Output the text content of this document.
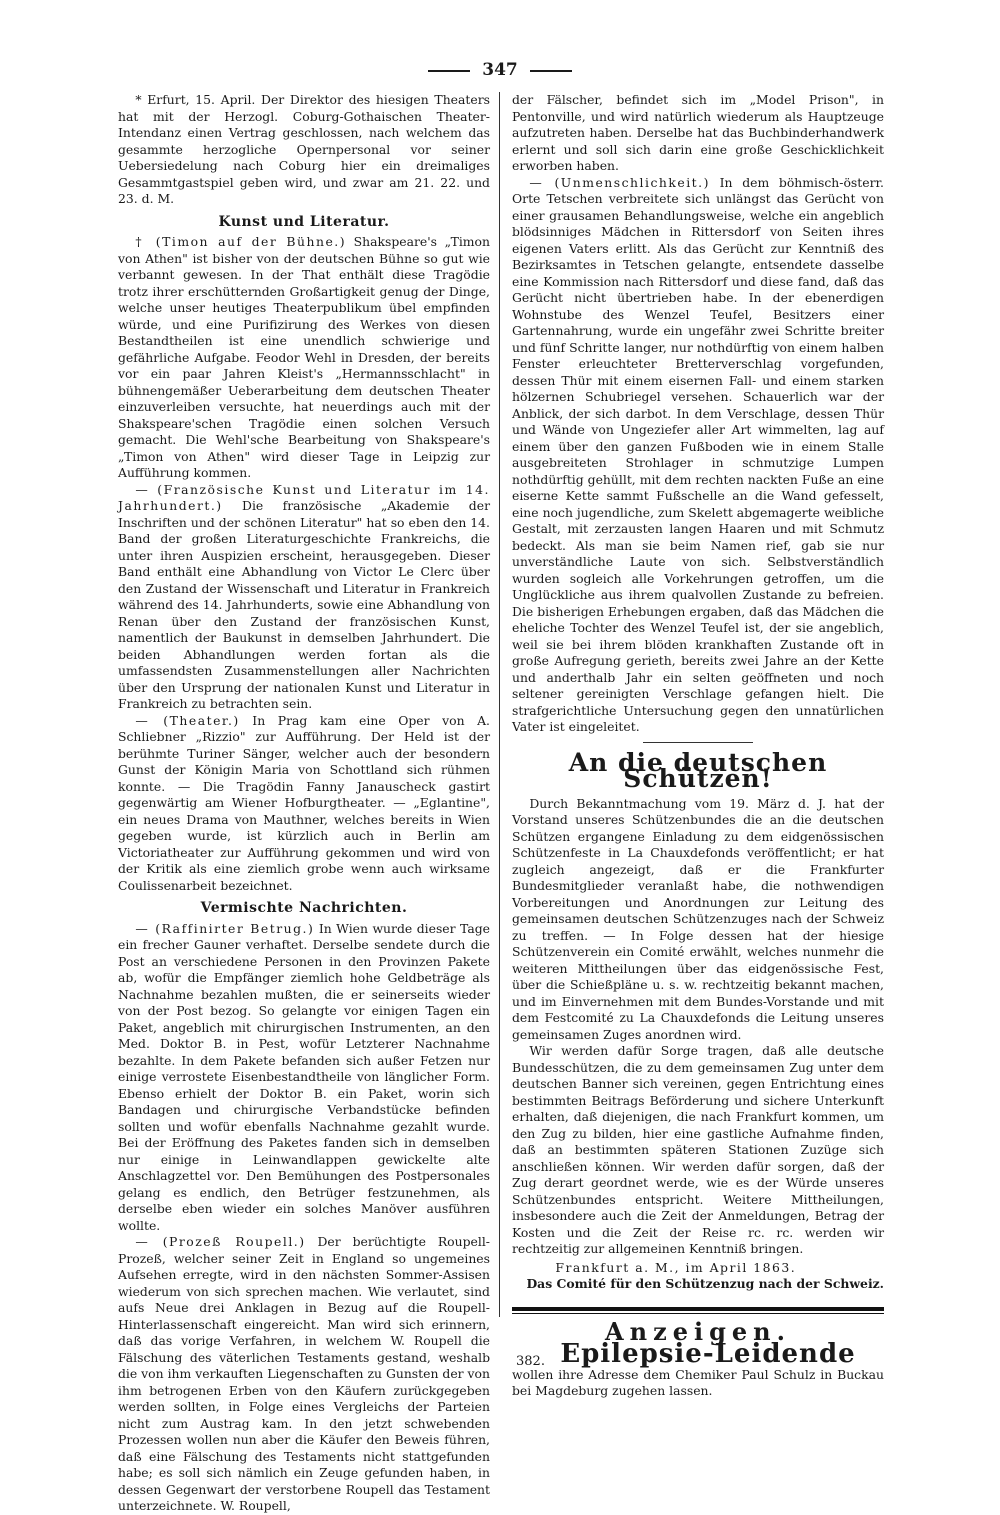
347

* Erfurt, 15. April. Der Direktor des hiesigen Theaters hat mit der Herzogl. Coburg-Gothaischen Theater-Intendanz einen Vertrag geschlossen, nach welchem das gesammte herzogliche Opernpersonal vor seiner Uebersiedelung nach Coburg hier ein dreimaliges Gesammtgastspiel geben wird, und zwar am 21. 22. und 23. d. M.

Kunst und Literatur.

† (Timon auf der Bühne.) Shakspeare's „Timon von Athen" ist bisher von der deutschen Bühne so gut wie verbannt gewesen. In der That enthält diese Tragödie trotz ihrer erschütternden Großartigkeit genug der Dinge, welche unser heutiges Theaterpublikum übel empfinden würde, und eine Purifizirung des Werkes von diesen Bestandtheilen ist eine unendlich schwierige und gefährliche Aufgabe. Feodor Wehl in Dresden, der bereits vor ein paar Jahren Kleist's „Hermannsschlacht" in bühnengemäßer Ueberarbeitung dem deutschen Theater einzuverleiben versuchte, hat neuerdings auch mit der Shakspeare'schen Tragödie einen solchen Versuch gemacht. Die Wehl'sche Bearbeitung von Shakspeare's „Timon von Athen" wird dieser Tage in Leipzig zur Aufführung kommen.

— (Französische Kunst und Literatur im 14. Jahrhundert.) Die französische „Akademie der Inschriften und der schönen Literatur" hat so eben den 14. Band der großen Literaturgeschichte Frankreichs, die unter ihren Auspizien erscheint, herausgegeben. Dieser Band enthält eine Abhandlung von Victor Le Clerc über den Zustand der Wissenschaft und Literatur in Frankreich während des 14. Jahrhunderts, sowie eine Abhandlung von Renan über den Zustand der französischen Kunst, namentlich der Baukunst in demselben Jahrhundert. Die beiden Abhandlungen werden fortan als die umfassendsten Zusammenstellungen aller Nachrichten über den Ursprung der nationalen Kunst und Literatur in Frankreich zu betrachten sein.

— (Theater.) In Prag kam eine Oper von A. Schliebner „Rizzio" zur Aufführung. Der Held ist der berühmte Turiner Sänger, welcher auch der besondern Gunst der Königin Maria von Schottland sich rühmen konnte. — Die Tragödin Fanny Janauscheck gastirt gegenwärtig am Wiener Hofburgtheater. — „Eglantine", ein neues Drama von Mauthner, welches bereits in Wien gegeben wurde, ist kürzlich auch in Berlin am Victoriatheater zur Aufführung gekommen und wird von der Kritik als eine ziemlich grobe wenn auch wirksame Coulissenarbeit bezeichnet.

Vermischte Nachrichten.

— (Raffinirter Betrug.) In Wien wurde dieser Tage ein frecher Gauner verhaftet. Derselbe sendete durch die Post an verschiedene Personen in den Provinzen Pakete ab, wofür die Empfänger ziemlich hohe Geldbeträge als Nachnahme bezahlen mußten, die er seinerseits wieder von der Post bezog. So gelangte vor einigen Tagen ein Paket, angeblich mit chirurgischen Instrumenten, an den Med. Doktor B. in Pest, wofür Letzterer Nachnahme bezahlte. In dem Pakete befanden sich außer Fetzen nur einige verrostete Eisenbestandtheile von länglicher Form. Ebenso erhielt der Doktor B. ein Paket, worin sich Bandagen und chirurgische Verbandstücke befinden sollten und wofür ebenfalls Nachnahme gezahlt wurde. Bei der Eröffnung des Paketes fanden sich in demselben nur einige in Leinwandlappen gewickelte alte Anschlagzettel vor. Den Bemühungen des Postpersonales gelang es endlich, den Betrüger festzunehmen, als derselbe eben wieder ein solches Manöver ausführen wollte.

— (Prozeß Roupell.) Der berüchtigte Roupell-Prozeß, welcher seiner Zeit in England so ungemeines Aufsehen erregte, wird in den nächsten Sommer-Assisen wiederum von sich sprechen machen. Wie verlautet, sind aufs Neue drei Anklagen in Bezug auf die Roupell-Hinterlassenschaft eingereicht. Man wird sich erinnern, daß das vorige Verfahren, in welchem W. Roupell die Fälschung des väterlichen Testaments gestand, weshalb die von ihm verkauften Liegenschaften zu Gunsten der von ihm betrogenen Erben von den Käufern zurückgegeben werden sollten, in Folge eines Vergleichs der Parteien nicht zum Austrag kam. In den jetzt schwebenden Prozessen wollen nun aber die Käufer den Beweis führen, daß eine Fälschung des Testaments nicht stattgefunden habe; es soll sich nämlich ein Zeuge gefunden haben, in dessen Gegenwart der verstorbene Roupell das Testament unterzeichnete. W. Roupell,

der Fälscher, befindet sich im „Model Prison", in Pentonville, und wird natürlich wiederum als Hauptzeuge aufzutreten haben. Derselbe hat das Buchbinderhandwerk erlernt und soll sich darin eine große Geschicklichkeit erworben haben.

— (Unmenschlichkeit.) In dem böhmisch-österr. Orte Tetschen verbreitete sich unlängst das Gerücht von einer grausamen Behandlungsweise, welche ein angeblich blödsinniges Mädchen in Rittersdorf von Seiten ihres eigenen Vaters erlitt. Als das Gerücht zur Kenntniß des Bezirksamtes in Tetschen gelangte, entsendete dasselbe eine Kommission nach Rittersdorf und diese fand, daß das Gerücht nicht übertrieben habe. In der ebenerdigen Wohnstube des Wenzel Teufel, Besitzers einer Gartennahrung, wurde ein ungefähr zwei Schritte breiter und fünf Schritte langer, nur nothdürftig von einem halben Fenster erleuchteter Bretterverschlag vorgefunden, dessen Thür mit einem eisernen Fall- und einem starken hölzernen Schubriegel versehen. Schauerlich war der Anblick, der sich darbot. In dem Verschlage, dessen Thür und Wände von Ungeziefer aller Art wimmelten, lag auf einem über den ganzen Fußboden wie in einem Stalle ausgebreiteten Strohlager in schmutzige Lumpen nothdürftig gehüllt, mit dem rechten nackten Fuße an eine eiserne Kette sammt Fußschelle an die Wand gefesselt, eine noch jugendliche, zum Skelett abgemagerte weibliche Gestalt, mit zerzausten langen Haaren und mit Schmutz bedeckt. Als man sie beim Namen rief, gab sie nur unverständliche Laute von sich. Selbstverständlich wurden sogleich alle Vorkehrungen getroffen, um die Unglückliche aus ihrem qualvollen Zustande zu befreien. Die bisherigen Erhebungen ergaben, daß das Mädchen die eheliche Tochter des Wenzel Teufel ist, der sie angeblich, weil sie bei ihrem blöden krankhaften Zustande oft in große Aufregung gerieth, bereits zwei Jahre an der Kette und anderthalb Jahr ein selten geöffneten und noch seltener gereinigten Verschlage gefangen hielt. Die strafgerichtliche Untersuchung gegen den unnatürlichen Vater ist eingeleitet.

An die deutschen Schützen!

Durch Bekanntmachung vom 19. März d. J. hat der Vorstand unseres Schützenbundes die an die deutschen Schützen ergangene Einladung zu dem eidgenössischen Schützenfeste in La Chauxdefonds veröffentlicht; er hat zugleich angezeigt, daß er die Frankfurter Bundesmitglieder veranlaßt habe, die nothwendigen Vorbereitungen und Anordnungen zur Leitung des gemeinsamen deutschen Schützenzuges nach der Schweiz zu treffen. — In Folge dessen hat der hiesige Schützenverein ein Comité erwählt, welches nunmehr die weiteren Mittheilungen über das eidgenössische Fest, über die Schießpläne u. s. w. rechtzeitig bekannt machen, und im Einvernehmen mit dem Bundes-Vorstande und mit dem Festcomité zu La Chauxdefonds die Leitung unseres gemeinsamen Zuges anordnen wird.

Wir werden dafür Sorge tragen, daß alle deutsche Bundesschützen, die zu dem gemeinsamen Zug unter dem deutschen Banner sich vereinen, gegen Entrichtung eines bestimmten Beitrags Beförderung und sichere Unterkunft erhalten, daß diejenigen, die nach Frankfurt kommen, um den Zug zu bilden, hier eine gastliche Aufnahme finden, daß an bestimmten späteren Stationen Zuzüge sich anschließen können. Wir werden dafür sorgen, daß der Zug derart geordnet werde, wie es der Würde unseres Schützenbundes entspricht. Weitere Mittheilungen, insbesondere auch die Zeit der Anmeldungen, Betrag der Kosten und die Zeit der Reise rc. rc. werden wir rechtzeitig zur allgemeinen Kenntniß bringen.

Frankfurt a. M., im April 1863.

Das Comité für den Schützenzug nach der Schweiz.

Anzeigen.
382. Epilepsie-Leidende

wollen ihre Adresse dem Chemiker Paul Schulz in Buckau bei Magdeburg zugehen lassen.
